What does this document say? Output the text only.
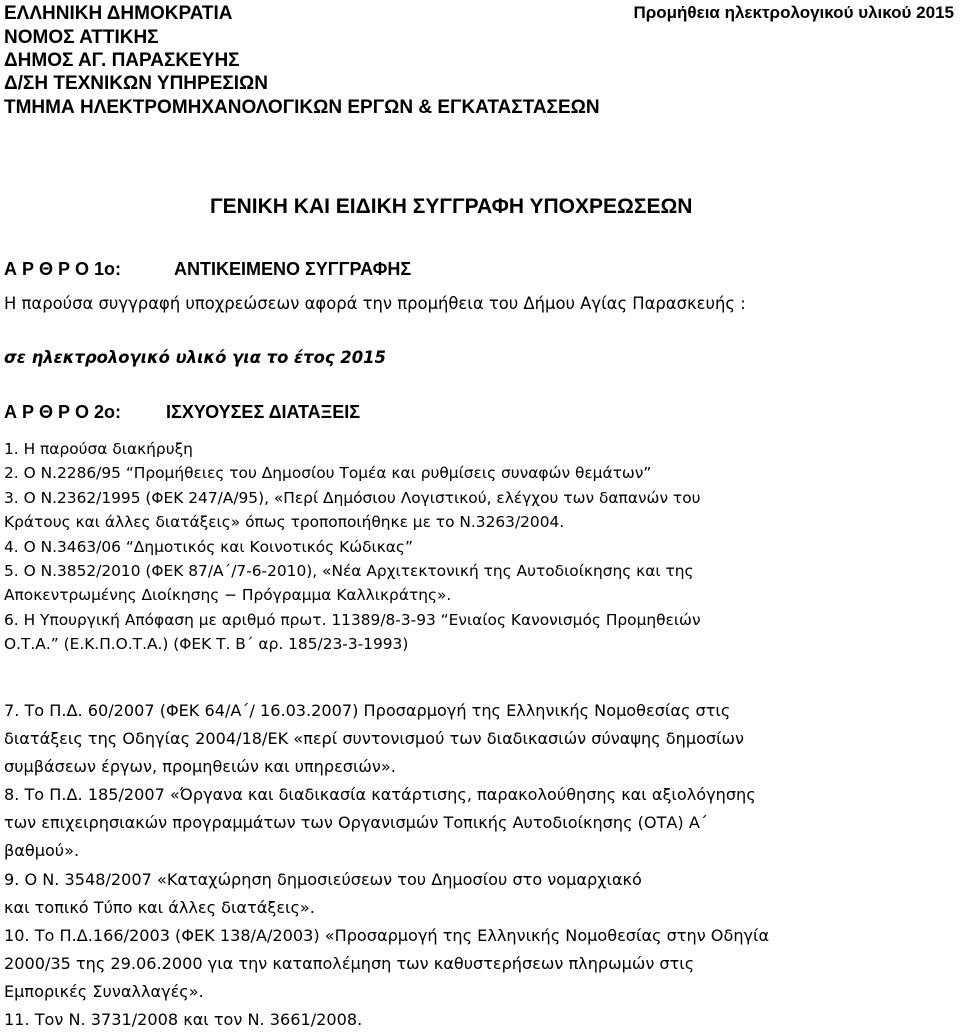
ΕΛΛΗΝΙΚΗ ΔΗΜΟΚΡΑΤΙΑ
ΝΟΜΟΣ ΑΤΤΙΚΗΣ
ΔΗΜΟΣ ΑΓ. ΠΑΡΑΣΚΕΥΗΣ
Δ/ΣΗ ΤΕΧΝΙΚΩΝ ΥΠΗΡΕΣΙΩΝ
ΤΜΗΜΑ ΗΛΕΚΤΡΟΜΗΧΑΝΟΛΟΓΙΚΩΝ ΕΡΓΩΝ & ΕΓΚΑΤΑΣΤΑΣΕΩΝ
Προμήθεια ηλεκτρολογικού υλικού 2015
ΓΕΝΙΚΗ ΚΑΙ ΕΙΔΙΚΗ ΣΥΓΓΡΑΦΗ ΥΠΟΧΡΕΩΣΕΩΝ
Α Ρ Θ Ρ Ο 1ο:	ΑΝΤΙΚΕΙΜΕΝΟ ΣΥΓΓΡΑΦΗΣ
Η παρούσα συγγραφή υποχρεώσεων αφορά την προμήθεια του Δήμου Αγίας Παρασκευής :
σε ηλεκτρολογικό υλικό για το έτος 2015
Α Ρ Θ Ρ Ο 2ο: ΙΣΧΥΟΥΣΕΣ ΔΙΑΤΑΞΕΙΣ

1. Η παρούσα διακήρυξη

2. Ο Ν.2286/95 “Προμήθειες του Δημοσίου Τομέα και ρυθμίσεις συναφών θεμάτων”

3. Ο Ν.2362/1995 (ΦΕΚ 247/Α/95), «Περί Δημόσιου Λογιστικού, ελέγχου των δαπανών του

Κράτους και άλλες διατάξεις» όπως τροποποιήθηκε με το Ν.3263/2004.

4. Ο Ν.3463/06 “Δημοτικός και Κοινοτικός Κώδικας”

5. Ο Ν.3852/2010 (ΦΕΚ 87/Α΄/7-6-2010), «Νέα Αρχιτεκτονική της Αυτοδιοίκησης και της

Αποκεντρωμένης Διοίκησης − Πρόγραμμα Καλλικράτης».

6. Η Υπουργική Απόφαση με αριθμό πρωτ. 11389/8-3-93 “Ενιαίος Κανονισμός Προμηθειών

Ο.Τ.Α.” (Ε.Κ.Π.Ο.Τ.Α.) (ΦΕΚ Τ. Β΄ αρ. 185/23-3-1993)

7. Το Π.Δ. 60/2007 (ΦΕΚ 64/Α΄/ 16.03.2007) Προσαρμογή της Ελληνικής Νομοθεσίας στις

διατάξεις της Οδηγίας 2004/18/ΕΚ «περί συντονισμού των διαδικασιών σύναψης δημοσίων

συμβάσεων έργων, προμηθειών και υπηρεσιών».

8. Το Π.Δ. 185/2007 «Όργανα και διαδικασία κατάρτισης, παρακολούθησης και αξιολόγησης

των επιχειρησιακών προγραμμάτων των Οργανισμών Τοπικής Αυτοδιοίκησης (ΟΤΑ) Α΄

βαθμού».

9. Ο Ν. 3548/2007 «Καταχώρηση δημοσιεύσεων του Δημοσίου στο νομαρχιακό

και τοπικό Τύπο και άλλες διατάξεις».

10. Το Π.Δ.166/2003 (ΦΕΚ 138/Α/2003) «Προσαρμογή της Ελληνικής Νομοθεσίας στην Οδηγία

2000/35 της 29.06.2000 για την καταπολέμηση των καθυστερήσεων πληρωμών στις

Εμπορικές Συναλλαγές».

11. Τον Ν. 3731/2008 και τον Ν. 3661/2008.
